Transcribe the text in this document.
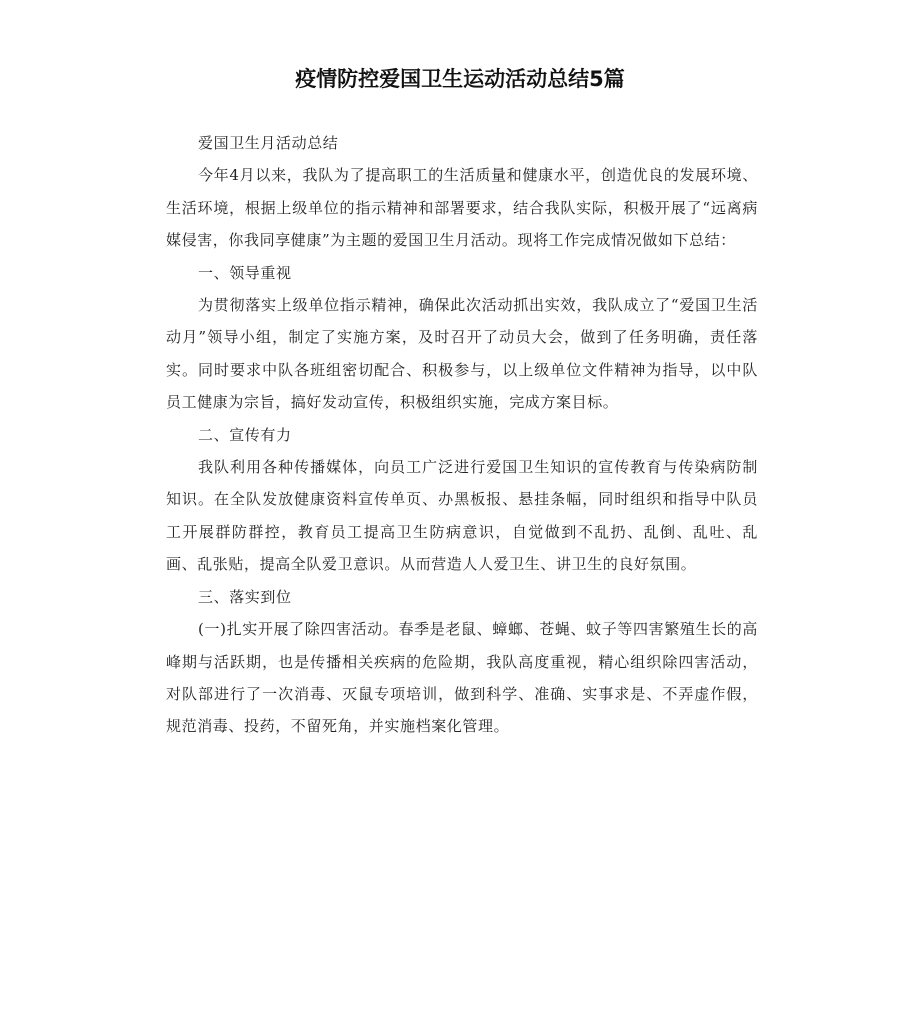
疫情防控爱国卫生运动活动总结5篇

爱国卫生月活动总结

今年4月以来，我队为了提高职工的生活质量和健康水平，创造优良的发展环境、生活环境，根据上级单位的指示精神和部署要求，结合我队实际，积极开展了“远离病媒侵害，你我同享健康”为主题的爱国卫生月活动。现将工作完成情况做如下总结：

一、领导重视

为贯彻落实上级单位指示精神，确保此次活动抓出实效，我队成立了“爱国卫生活动月”领导小组，制定了实施方案，及时召开了动员大会，做到了任务明确，责任落实。同时要求中队各班组密切配合、积极参与，以上级单位文件精神为指导，以中队员工健康为宗旨，搞好发动宣传，积极组织实施，完成方案目标。

二、宣传有力

我队利用各种传播媒体，向员工广泛进行爱国卫生知识的宣传教育与传染病防制知识。在全队发放健康资料宣传单页、办黑板报、悬挂条幅，同时组织和指导中队员工开展群防群控，教育员工提高卫生防病意识，自觉做到不乱扔、乱倒、乱吐、乱画、乱张贴，提高全队爱卫意识。从而营造人人爱卫生、讲卫生的良好氛围。

三、落实到位

(一)扎实开展了除四害活动。春季是老鼠、蟑螂、苍蝇、蚊子等四害繁殖生长的高峰期与活跃期，也是传播相关疾病的危险期，我队高度重视，精心组织除四害活动，对队部进行了一次消毒、灭鼠专项培训，做到科学、准确、实事求是、不弄虚作假，规范消毒、投药，不留死角，并实施档案化管理。
